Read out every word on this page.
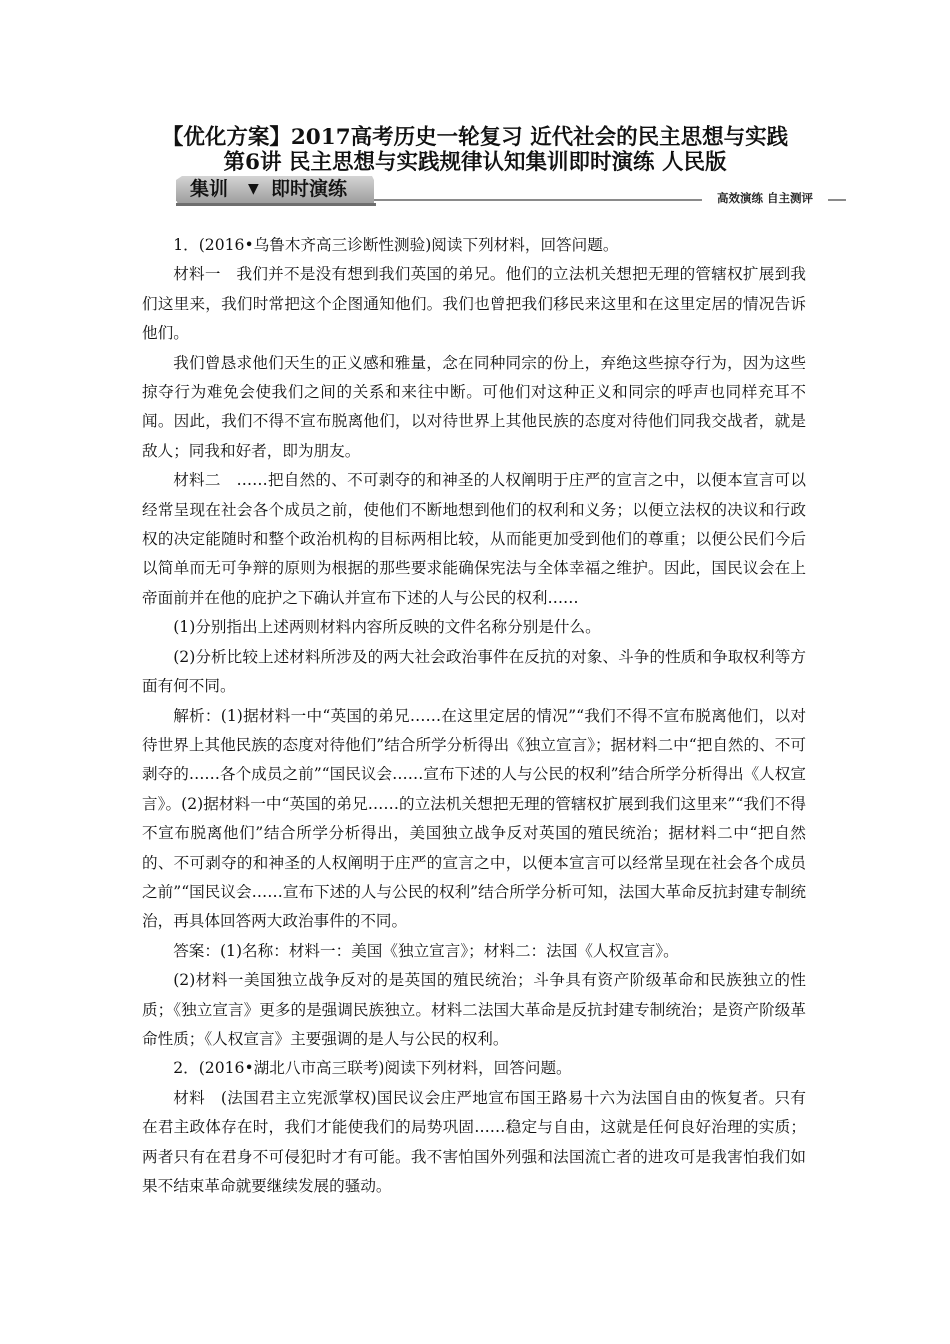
【优化方案】2017高考历史一轮复习 近代社会的民主思想与实践
第6讲 民主思想与实践规律认知集训即时演练 人民版
集训 ▼ 即时演练	高效演练 自主测评

1．(2016•乌鲁木齐高三诊断性测验)阅读下列材料，回答问题。

材料一　我们并不是没有想到我们英国的弟兄。他们的立法机关想把无理的管辖权扩展到我们这里来，我们时常把这个企图通知他们。我们也曾把我们移民来这里和在这里定居的情况告诉他们。

我们曾恳求他们天生的正义感和雅量，念在同种同宗的份上，弃绝这些掠夺行为，因为这些掠夺行为难免会使我们之间的关系和来往中断。可他们对这种正义和同宗的呼声也同样充耳不闻。因此，我们不得不宣布脱离他们，以对待世界上其他民族的态度对待他们同我交战者，就是敌人；同我和好者，即为朋友。

材料二　……把自然的、不可剥夺的和神圣的人权阐明于庄严的宣言之中，以便本宣言可以经常呈现在社会各个成员之前，使他们不断地想到他们的权利和义务；以便立法权的决议和行政权的决定能随时和整个政治机构的目标两相比较，从而能更加受到他们的尊重；以便公民们今后以简单而无可争辩的原则为根据的那些要求能确保宪法与全体幸福之维护。因此，国民议会在上帝面前并在他的庇护之下确认并宣布下述的人与公民的权利……

(1)分别指出上述两则材料内容所反映的文件名称分别是什么。

(2)分析比较上述材料所涉及的两大社会政治事件在反抗的对象、斗争的性质和争取权利等方面有何不同。

解析：(1)据材料一中“英国的弟兄……在这里定居的情况”“我们不得不宣布脱离他们，以对待世界上其他民族的态度对待他们”结合所学分析得出《独立宣言》；据材料二中“把自然的、不可剥夺的……各个成员之前”“国民议会……宣布下述的人与公民的权利”结合所学分析得出《人权宣言》。(2)据材料一中“英国的弟兄……的立法机关想把无理的管辖权扩展到我们这里来”“我们不得不宣布脱离他们”结合所学分析得出，美国独立战争反对英国的殖民统治；据材料二中“把自然的、不可剥夺的和神圣的人权阐明于庄严的宣言之中，以便本宣言可以经常呈现在社会各个成员之前”“国民议会……宣布下述的人与公民的权利”结合所学分析可知，法国大革命反抗封建专制统治，再具体回答两大政治事件的不同。

答案：(1)名称：材料一：美国《独立宣言》；材料二：法国《人权宣言》。

(2)材料一美国独立战争反对的是英国的殖民统治；斗争具有资产阶级革命和民族独立的性质；《独立宣言》更多的是强调民族独立。材料二法国大革命是反抗封建专制统治；是资产阶级革命性质；《人权宣言》主要强调的是人与公民的权利。

2．(2016•湖北八市高三联考)阅读下列材料，回答问题。

材料　(法国君主立宪派掌权)国民议会庄严地宣布国王路易十六为法国自由的恢复者。只有在君主政体存在时，我们才能使我们的局势巩固……稳定与自由，这就是任何良好治理的实质；两者只有在君身不可侵犯时才有可能。我不害怕国外列强和法国流亡者的进攻可是我害怕我们如果不结束革命就要继续发展的骚动。
